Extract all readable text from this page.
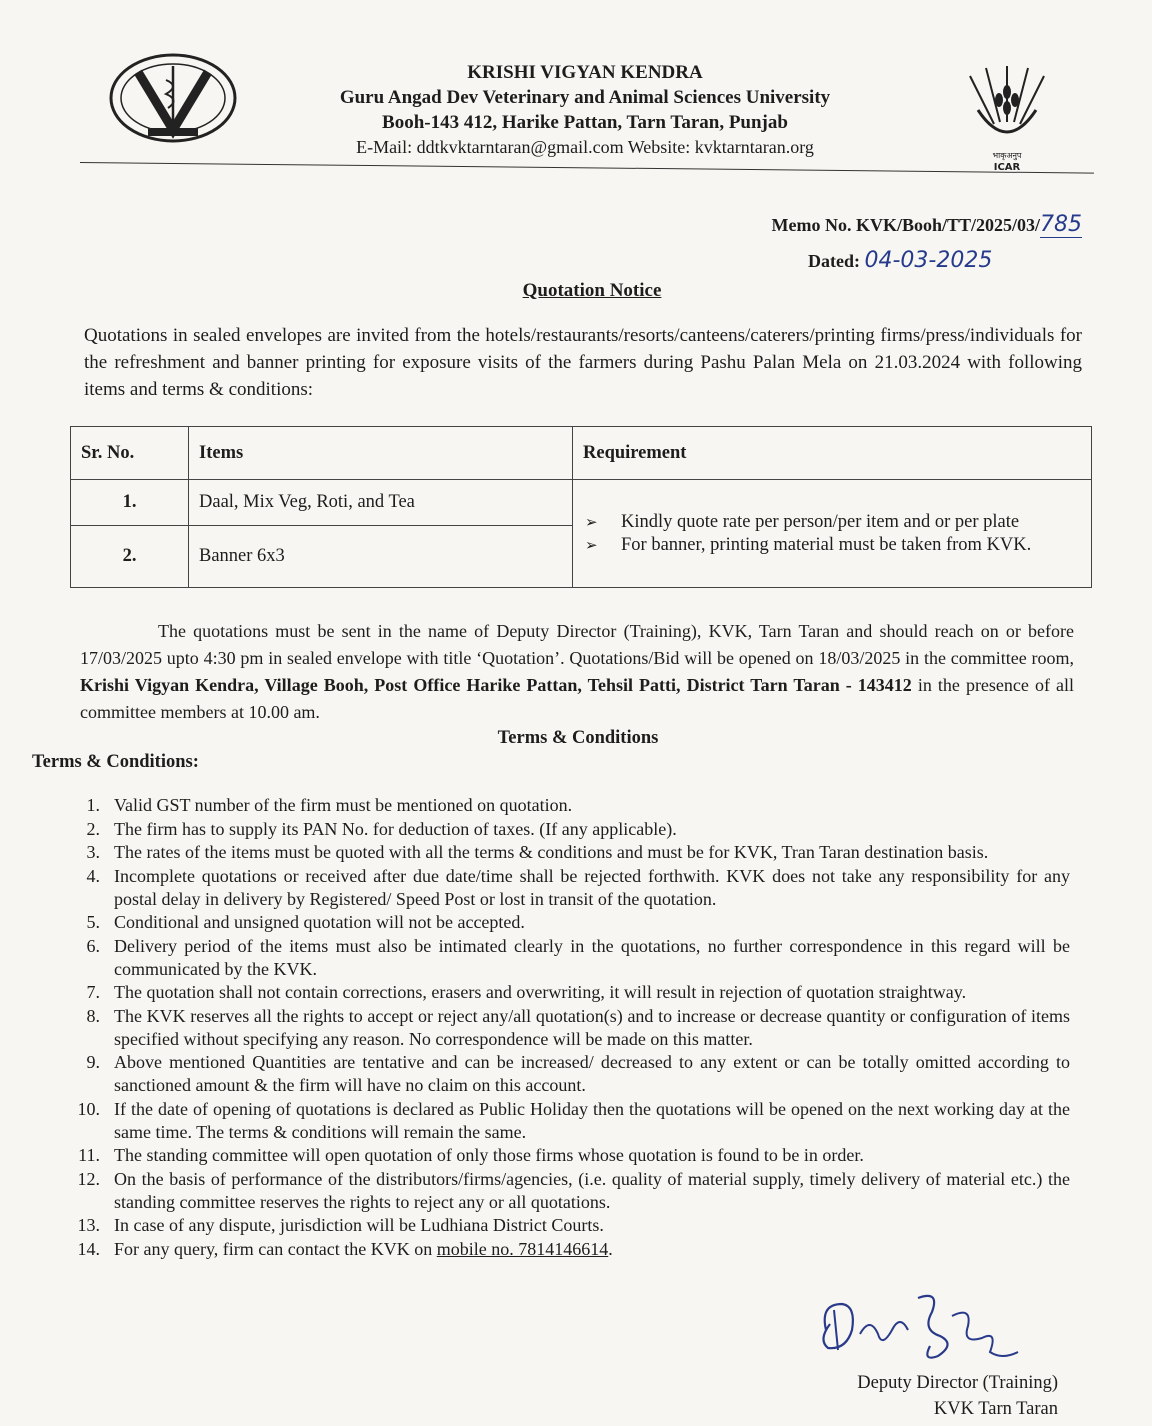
KRISHI VIGYAN KENDRA
Guru Angad Dev Veterinary and Animal Sciences University
Booh-143 412, Harike Pattan, Tarn Taran, Punjab
E-Mail: ddtkvktarntaran@gmail.com Website: kvktarntaran.org	भाकृअनुप
ICAR
Memo No. KVK/Booh/TT/2025/03/785
Dated: 04-03-2025
Quotation Notice
Quotations in sealed envelopes are invited from the hotels/restaurants/resorts/canteens/caterers/printing firms/press/individuals for the refreshment and banner printing for exposure visits of the farmers during Pashu Palan Mela on 21.03.2024 with following items and terms & conditions:
Sr. No.	Items	Requirement
1.	Daal, Mix Veg, Roti, and Tea	➢ Kindly quote rate per person/per item and or per plate
➢ For banner, printing material must be taken from KVK.

2.	Banner 6x3	
The quotations must be sent in the name of Deputy Director (Training), KVK, Tarn Taran and should reach on or before 17/03/2025 upto 4:30 pm in sealed envelope with title ‘Quotation’. Quotations/Bid will be opened on 18/03/2025 in the committee room, Krishi Vigyan Kendra, Village Booh, Post Office Harike Pattan, Tehsil Patti, District Tarn Taran - 143412 in the presence of all committee members at 10.00 am.
Terms & Conditions
Terms & Conditions:
1. Valid GST number of the firm must be mentioned on quotation.
2. The firm has to supply its PAN No. for deduction of taxes. (If any applicable).
3. The rates of the items must be quoted with all the terms & conditions and must be for KVK, Tran Taran destination basis.
4. Incomplete quotations or received after due date/time shall be rejected forthwith. KVK does not take any responsibility for any postal delay in delivery by Registered/ Speed Post or lost in transit of the quotation.
5. Conditional and unsigned quotation will not be accepted.
6. Delivery period of the items must also be intimated clearly in the quotations, no further correspondence in this regard will be communicated by the KVK.
7. The quotation shall not contain corrections, erasers and overwriting, it will result in rejection of quotation straightway.
8. The KVK reserves all the rights to accept or reject any/all quotation(s) and to increase or decrease quantity or configuration of items specified without specifying any reason. No correspondence will be made on this matter.
9. Above mentioned Quantities are tentative and can be increased/ decreased to any extent or can be totally omitted according to sanctioned amount & the firm will have no claim on this account.
10. If the date of opening of quotations is declared as Public Holiday then the quotations will be opened on the next working day at the same time. The terms & conditions will remain the same.
11. The standing committee will open quotation of only those firms whose quotation is found to be in order.
12. On the basis of performance of the distributors/firms/agencies, (i.e. quality of material supply, timely delivery of material etc.) the standing committee reserves the rights to reject any or all quotations.
13. In case of any dispute, jurisdiction will be Ludhiana District Courts.
14. For any query, firm can contact the KVK on mobile no. 7814146614.
Deputy Director (Training)
KVK Tarn Taran
